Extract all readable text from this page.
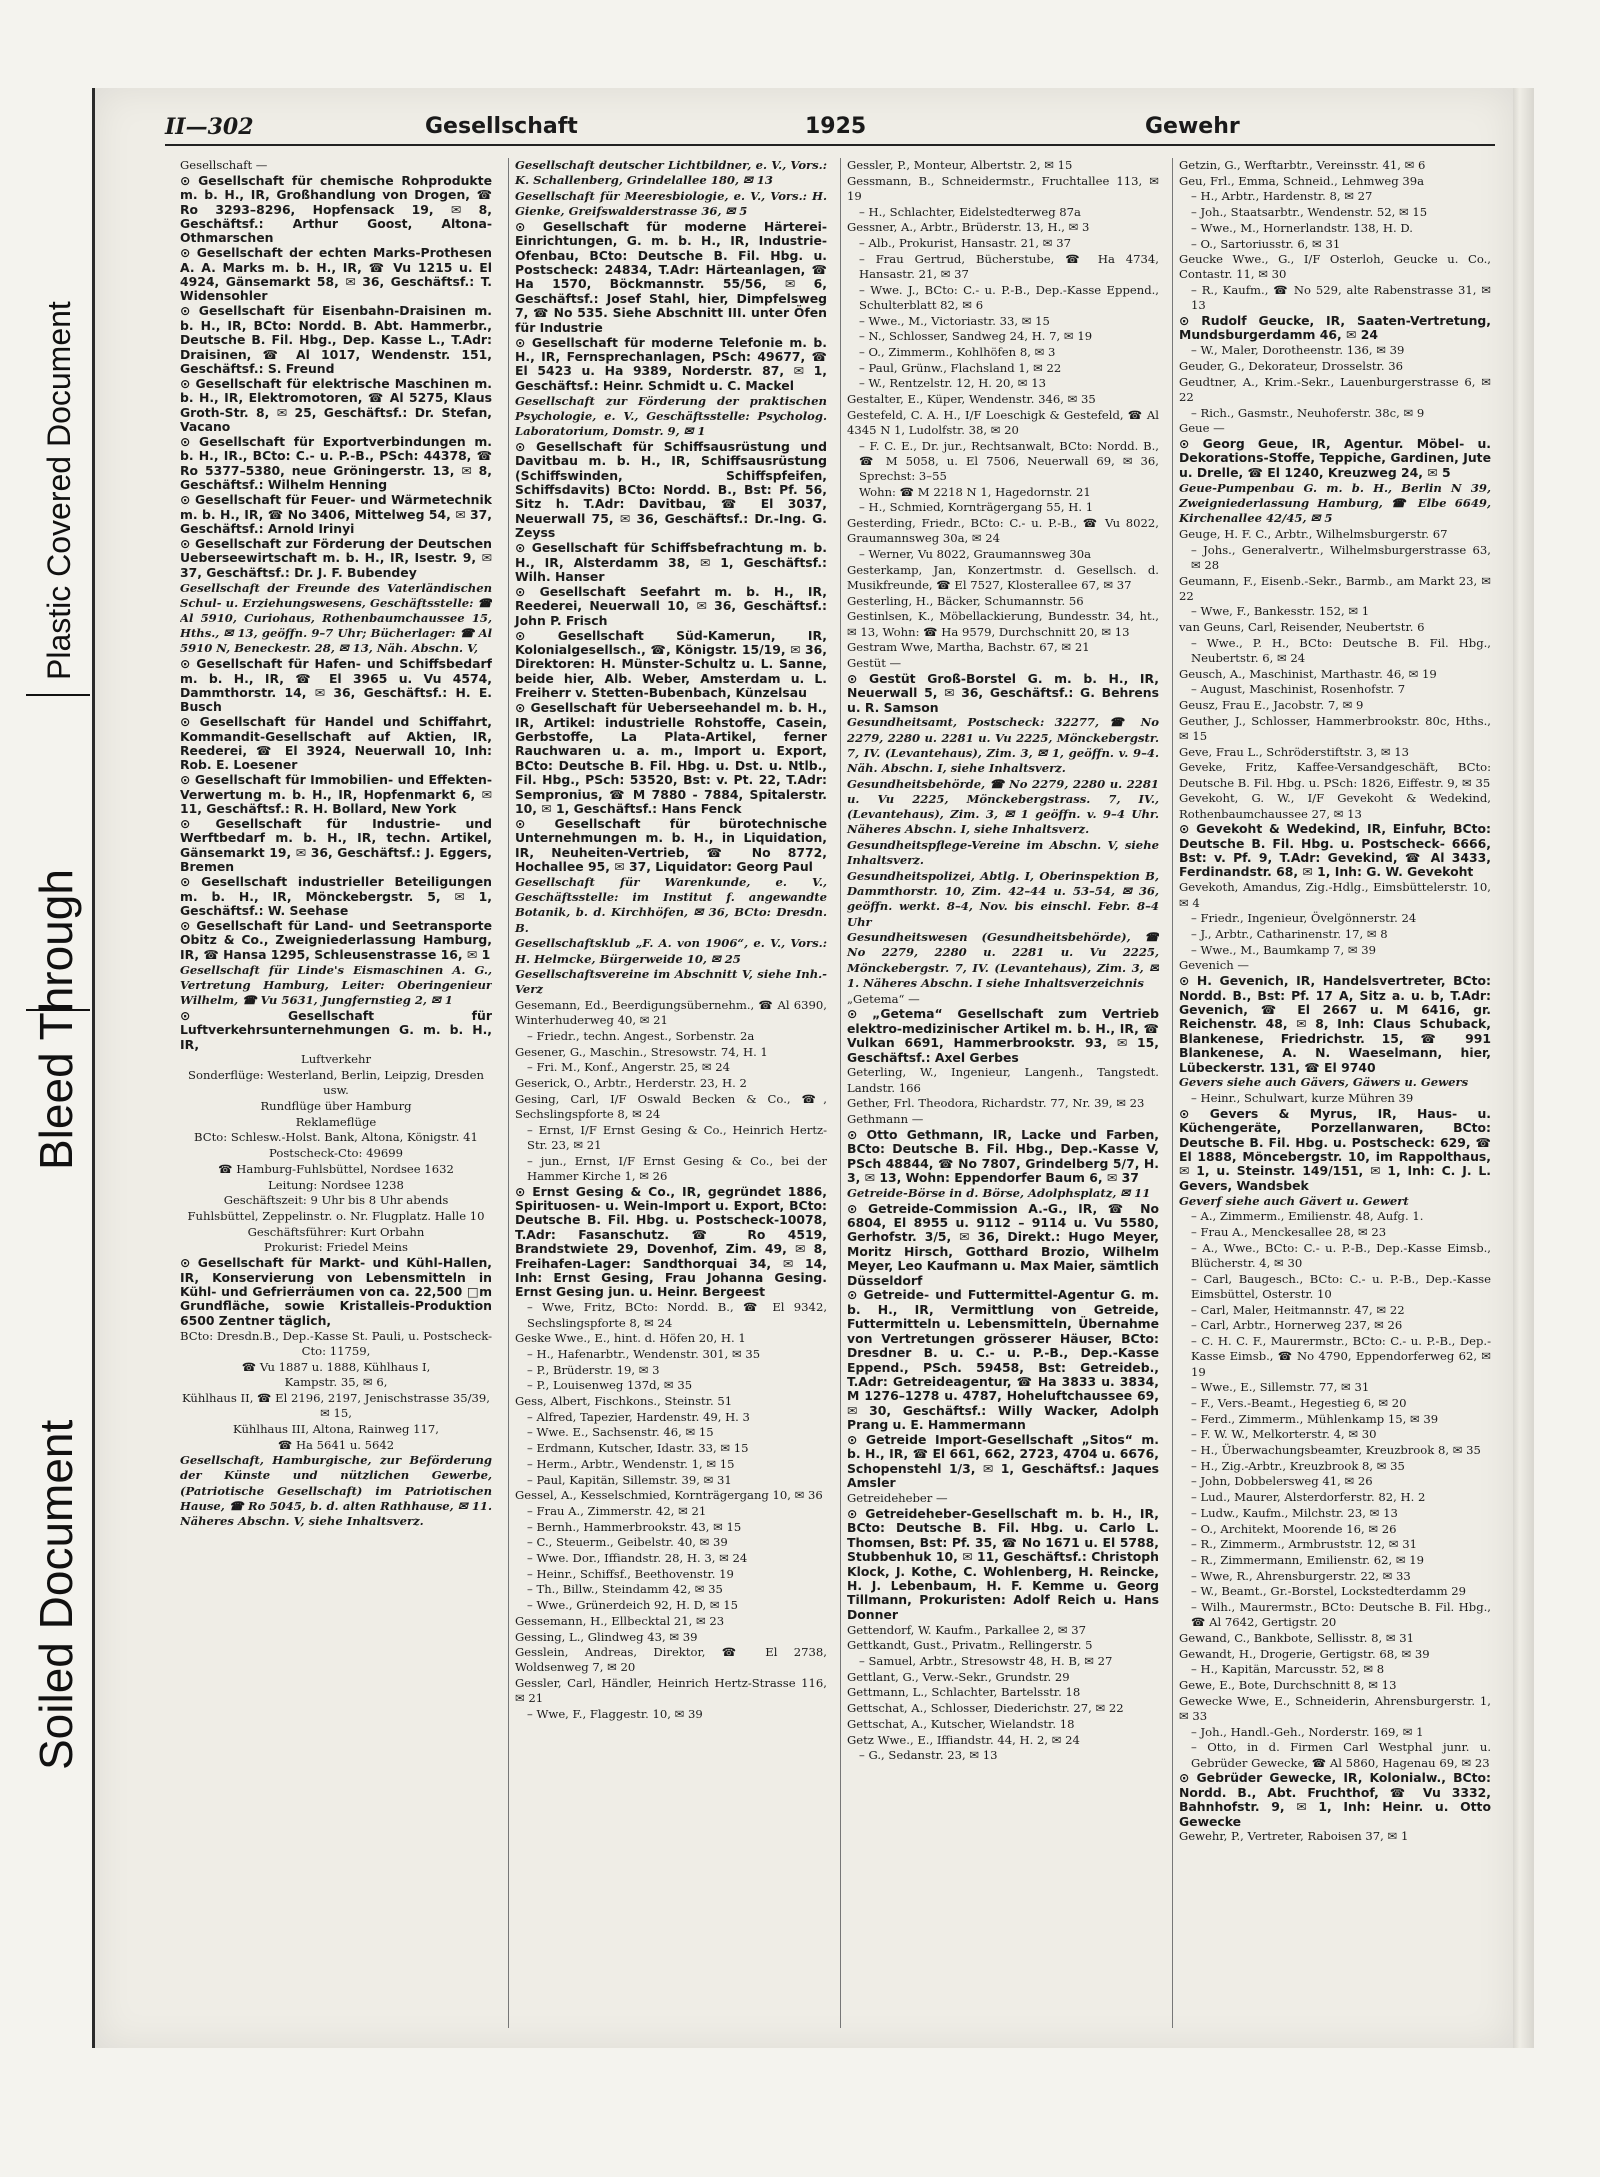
Soiled Document
Bleed Through
Plastic Covered Document
II—302	Gesellschaft	1925	Gewehr
Gesellschaft —
⊙ Gesellschaft für chemische Rohprodukte m. b. H., IR, Großhandlung von Drogen, ☎ Ro 3293–8296, Hopfensack 19, ✉ 8, Geschäftsf.: Arthur Goost, Altona-Othmarschen
⊙ Gesellschaft der echten Marks-Prothesen A. A. Marks m. b. H., IR, ☎ Vu 1215 u. El 4924, Gänsemarkt 58, ✉ 36, Geschäftsf.: T. Widensohler
⊙ Gesellschaft für Eisenbahn-Draisinen m. b. H., IR, BCto: Nordd. B. Abt. Hammerbr., Deutsche B. Fil. Hbg., Dep. Kasse L., T.Adr: Draisinen, ☎ Al 1017, Wendenstr. 151, Geschäftsf.: S. Freund
⊙ Gesellschaft für elektrische Maschinen m. b. H., IR, Elektromotoren, ☎ Al 5275, Klaus Groth-Str. 8, ✉ 25, Geschäftsf.: Dr. Stefan, Vacano
⊙ Gesellschaft für Exportverbindungen m. b. H., IR., BCto: C.- u. P.-B., PSch: 44378, ☎ Ro 5377–5380, neue Gröningerstr. 13, ✉ 8, Geschäftsf.: Wilhelm Henning
⊙ Gesellschaft für Feuer- und Wärmetechnik m. b. H., IR, ☎ No 3406, Mittelweg 54, ✉ 37, Geschäftsf.: Arnold Irinyi
⊙ Gesellschaft zur Förderung der Deutschen Ueberseewirtschaft m. b. H., IR, Isestr. 9, ✉ 37, Geschäftsf.: Dr. J. F. Bubendey
Gesellschaft der Freunde des Vaterländischen Schul- u. Erziehungswesens, Geschäftsstelle: ☎ Al 5910, Curiohaus, Rothenbaumchaussee 15, Hths., ✉ 13, geöffn. 9–7 Uhr; Bücherlager: ☎ Al 5910 N, Beneckestr. 28, ✉ 13, Näh. Abschn. V,
⊙ Gesellschaft für Hafen- und Schiffsbedarf m. b. H., IR, ☎ El 3965 u. Vu 4574, Dammthorstr. 14, ✉ 36, Geschäftsf.: H. E. Busch
⊙ Gesellschaft für Handel und Schiffahrt, Kommandit-Gesellschaft auf Aktien, IR, Reederei, ☎ El 3924, Neuerwall 10, Inh: Rob. E. Loesener
⊙ Gesellschaft für Immobilien- und Effekten-Verwertung m. b. H., IR, Hopfenmarkt 6, ✉ 11, Geschäftsf.: R. H. Bollard, New York
⊙ Gesellschaft für Industrie- und Werftbedarf m. b. H., IR, techn. Artikel, Gänsemarkt 19, ✉ 36, Geschäftsf.: J. Eggers, Bremen
⊙ Gesellschaft industrieller Beteiligungen m. b. H., IR, Mönckebergstr. 5, ✉ 1, Geschäftsf.: W. Seehase
⊙ Gesellschaft für Land- und Seetransporte Obitz & Co., Zweigniederlassung Hamburg, IR, ☎ Hansa 1295, Schleusenstrasse 16, ✉ 1
Gesellschaft für Linde's Eismaschinen A. G., Vertretung Hamburg, Leiter: Oberingenieur Wilhelm, ☎ Vu 5631, Jungfernstieg 2, ✉ 1
⊙ Gesellschaft für Luftverkehrsunternehmungen G. m. b. H., IR,
Luftverkehr
Sonderflüge: Westerland, Berlin, Leipzig, Dresden usw.
Rundflüge über Hamburg
Reklameflüge
BCto: Schlesw.-Holst. Bank, Altona, Königstr. 41
Postscheck-Cto: 49699
☎ Hamburg-Fuhlsbüttel, Nordsee 1632
Leitung: Nordsee 1238
Geschäftszeit: 9 Uhr bis 8 Uhr abends
Fuhlsbüttel, Zeppelinstr. o. Nr. Flugplatz. Halle 10
Geschäftsführer: Kurt Orbahn
Prokurist: Friedel Meins
⊙ Gesellschaft für Markt- und Kühl-Hallen, IR, Konservierung von Lebensmitteln in Kühl- und Gefrierräumen von ca. 22,500 □m Grundfläche, sowie Kristalleis-Produktion 6500 Zentner täglich,
BCto: Dresdn.B., Dep.-Kasse St. Pauli, u. Postscheck-Cto: 11759,
☎ Vu 1887 u. 1888, Kühlhaus I,
Kampstr. 35, ✉ 6,
Kühlhaus II, ☎ El 2196, 2197, Jenischstrasse 35/39, ✉ 15,
Kühlhaus III, Altona, Rainweg 117,
☎ Ha 5641 u. 5642
Gesellschaft, Hamburgische, zur Beförderung der Künste und nützlichen Gewerbe, (Patriotische Gesellschaft) im Patriotischen Hause, ☎ Ro 5045, b. d. alten Rathhause, ✉ 11. Näheres Abschn. V, siehe Inhaltsverz.
Gesellschaft deutscher Lichtbildner, e. V., Vors.: K. Schallenberg, Grindelallee 180, ✉ 13
Gesellschaft für Meeresbiologie, e. V., Vors.: H. Gienke, Greifswalderstrasse 36, ✉ 5
⊙ Gesellschaft für moderne Härterei-Einrichtungen, G. m. b. H., IR, Industrie-Ofenbau, BCto: Deutsche B. Fil. Hbg. u. Postscheck: 24834, T.Adr: Härteanlagen, ☎ Ha 1570, Böckmannstr. 55/56, ✉ 6, Geschäftsf.: Josef Stahl, hier, Dimpfelsweg 7, ☎ No 535. Siehe Abschnitt III. unter Öfen für Industrie
⊙ Gesellschaft für moderne Telefonie m. b. H., IR, Fernsprechanlagen, PSch: 49677, ☎ El 5423 u. Ha 9389, Norderstr. 87, ✉ 1, Geschäftsf.: Heinr. Schmidt u. C. Mackel
Gesellschaft zur Förderung der praktischen Psychologie, e. V., Geschäftsstelle: Psycholog. Laboratorium, Domstr. 9, ✉ 1
⊙ Gesellschaft für Schiffsausrüstung und Davitbau m. b. H., IR, Schiffsausrüstung (Schiffswinden, Schiffspfeifen, Schiffsdavits) BCto: Nordd. B., Bst: Pf. 56, Sitz h. T.Adr: Davitbau, ☎ El 3037, Neuerwall 75, ✉ 36, Geschäftsf.: Dr.-Ing. G. Zeyss
⊙ Gesellschaft für Schiffsbefrachtung m. b. H., IR, Alsterdamm 38, ✉ 1, Geschäftsf.: Wilh. Hanser
⊙ Gesellschaft Seefahrt m. b. H., IR, Reederei, Neuerwall 10, ✉ 36, Geschäftsf.: John P. Frisch
⊙ Gesellschaft Süd-Kamerun, IR, Kolonialgesellsch., ☎, Königstr. 15/19, ✉ 36, Direktoren: H. Münster-Schultz u. L. Sanne, beide hier, Alb. Weber, Amsterdam u. L. Freiherr v. Stetten-Bubenbach, Künzelsau
⊙ Gesellschaft für Ueberseehandel m. b. H., IR, Artikel: industrielle Rohstoffe, Casein, Gerbstoffe, La Plata-Artikel, ferner Rauchwaren u. a. m., Import u. Export, BCto: Deutsche B. Fil. Hbg. u. Dst. u. Ntlb., Fil. Hbg., PSch: 53520, Bst: v. Pt. 22, T.Adr: Sempronius, ☎ M 7880 - 7884, Spitalerstr. 10, ✉ 1, Geschäftsf.: Hans Fenck
⊙ Gesellschaft für bürotechnische Unternehmungen m. b. H., in Liquidation, IR, Neuheiten-Vertrieb, ☎ No 8772, Hochallee 95, ✉ 37, Liquidator: Georg Paul
Gesellschaft für Warenkunde, e. V., Geschäftsstelle: im Institut f. angewandte Botanik, b. d. Kirchhöfen, ✉ 36, BCto: Dresdn. B.
Gesellschaftsklub „F. A. von 1906“, e. V., Vors.: H. Helmcke, Bürgerweide 10, ✉ 25
Gesellschaftsvereine im Abschnitt V, siehe Inh.-Verz
Gesemann, Ed., Beerdigungsübernehm., ☎ Al 6390, Winterhuderweg 40, ✉ 21
– Friedr., techn. Angest., Sorbenstr. 2a
Gesener, G., Maschin., Stresowstr. 74, H. 1
– Fri. M., Konf., Angerstr. 25, ✉ 24
Geserick, O., Arbtr., Herderstr. 23, H. 2
Gesing, Carl, I/F Oswald Becken & Co., ☎, Sechslingspforte 8, ✉ 24
– Ernst, I/F Ernst Gesing & Co., Heinrich Hertz-Str. 23, ✉ 21
– jun., Ernst, I/F Ernst Gesing & Co., bei der Hammer Kirche 1, ✉ 26
⊙ Ernst Gesing & Co., IR, gegründet 1886, Spirituosen- u. Wein-Import u. Export, BCto: Deutsche B. Fil. Hbg. u. Postscheck-10078, T.Adr: Fasanschutz. ☎ Ro 4519, Brandstwiete 29, Dovenhof, Zim. 49, ✉ 8, Freihafen-Lager: Sandthorquai 34, ✉ 14, Inh: Ernst Gesing, Frau Johanna Gesing. Ernst Gesing jun. u. Heinr. Bergeest
– Wwe, Fritz, BCto: Nordd. B., ☎ El 9342, Sechslingspforte 8, ✉ 24
Geske Wwe., E., hint. d. Höfen 20, H. 1
– H., Hafenarbtr., Wendenstr. 301, ✉ 35
– P., Brüderstr. 19, ✉ 3
– P., Louisenweg 137d, ✉ 35
Gess, Albert, Fischkons., Steinstr. 51
– Alfred, Tapezier, Hardenstr. 49, H. 3
– Wwe. E., Sachsenstr. 46, ✉ 15
– Erdmann, Kutscher, Idastr. 33, ✉ 15
– Herm., Arbtr., Wendenstr. 1, ✉ 15
– Paul, Kapitän, Sillemstr. 39, ✉ 31
Gessel, A., Kesselschmied, Kornträgergang 10, ✉ 36
– Frau A., Zimmerstr. 42, ✉ 21
– Bernh., Hammerbrookstr. 43, ✉ 15
– C., Steuerm., Geibelstr. 40, ✉ 39
– Wwe. Dor., Iffiandstr. 28, H. 3, ✉ 24
– Heinr., Schiffsf., Beethovenstr. 19
– Th., Billw., Steindamm 42, ✉ 35
– Wwe., Grünerdeich 92, H. D, ✉ 15
Gessemann, H., Ellbecktal 21, ✉ 23
Gessing, L., Glindweg 43, ✉ 39
Gesslein, Andreas, Direktor, ☎ El 2738, Woldsenweg 7, ✉ 20
Gessler, Carl, Händler, Heinrich Hertz-Strasse 116, ✉ 21
– Wwe, F., Flaggestr. 10, ✉ 39
Gessler, P., Monteur, Albertstr. 2, ✉ 15
Gessmann, B., Schneidermstr., Fruchtallee 113, ✉ 19
– H., Schlachter, Eidelstedterweg 87a
Gessner, A., Arbtr., Brüderstr. 13, H., ✉ 3
– Alb., Prokurist, Hansastr. 21, ✉ 37
– Frau Gertrud, Bücherstube, ☎ Ha 4734, Hansastr. 21, ✉ 37
– Wwe. J., BCto: C.- u. P.-B., Dep.-Kasse Eppend., Schulterblatt 82, ✉ 6
– Wwe., M., Victoriastr. 33, ✉ 15
– N., Schlosser, Sandweg 24, H. 7, ✉ 19
– O., Zimmerm., Kohlhöfen 8, ✉ 3
– Paul, Grünw., Flachsland 1, ✉ 22
– W., Rentzelstr. 12, H. 20, ✉ 13
Gestalter, E., Küper, Wendenstr. 346, ✉ 35
Gestefeld, C. A. H., I/F Loeschigk & Gestefeld, ☎ Al 4345 N 1, Ludolfstr. 38, ✉ 20
– F. C. E., Dr. jur., Rechtsanwalt, BCto: Nordd. B., ☎ M 5058, u. El 7506, Neuerwall 69, ✉ 36, Sprechst: 3–55
Wohn: ☎ M 2218 N 1, Hagedornstr. 21
– H., Schmied, Kornträgergang 55, H. 1
Gesterding, Friedr., BCto: C.- u. P.-B., ☎ Vu 8022, Graumannsweg 30a, ✉ 24
– Werner, Vu 8022, Graumannsweg 30a
Gesterkamp, Jan, Konzertmstr. d. Gesellsch. d. Musikfreunde, ☎ El 7527, Klosterallee 67, ✉ 37
Gesterling, H., Bäcker, Schumannstr. 56
Gestinlsen, K., Möbellackierung, Bundesstr. 34, ht., ✉ 13, Wohn: ☎ Ha 9579, Durchschnitt 20, ✉ 13
Gestram Wwe, Martha, Bachstr. 67, ✉ 21
Gestüt —
⊙ Gestüt Groß-Borstel G. m. b. H., IR, Neuerwall 5, ✉ 36, Geschäftsf.: G. Behrens u. R. Samson
Gesundheitsamt, Postscheck: 32277, ☎ No 2279, 2280 u. 2281 u. Vu 2225, Mönckebergstr. 7, IV. (Levantehaus), Zim. 3, ✉ 1, geöffn. v. 9–4. Näh. Abschn. I, siehe Inhaltsverz.
Gesundheitsbehörde, ☎ No 2279, 2280 u. 2281 u. Vu 2225, Mönckebergstrass. 7, IV., (Levantehaus), Zim. 3, ✉ 1 geöffn. v. 9–4 Uhr. Näheres Abschn. I, siehe Inhaltsverz.
Gesundheitspflege-Vereine im Abschn. V, siehe Inhaltsverz.
Gesundheitspolizei, Abtlg. I, Oberinspektion B, Dammthorstr. 10, Zim. 42–44 u. 53–54, ✉ 36, geöffn. werkt. 8–4, Nov. bis einschl. Febr. 8–4 Uhr
Gesundheitswesen (Gesundheitsbehörde), ☎ No 2279, 2280 u. 2281 u. Vu 2225, Mönckebergstr. 7, IV. (Levantehaus), Zim. 3, ✉ 1. Näheres Abschn. I siehe Inhaltsverzeichnis
„Getema“ —
⊙ „Getema“ Gesellschaft zum Vertrieb elektro-medizinischer Artikel m. b. H., IR, ☎ Vulkan 6691, Hammerbrookstr. 93, ✉ 15, Geschäftsf.: Axel Gerbes
Geterling, W., Ingenieur, Langenh., Tangstedt. Landstr. 166
Gether, Frl. Theodora, Richardstr. 77, Nr. 39, ✉ 23
Gethmann —
⊙ Otto Gethmann, IR, Lacke und Farben, BCto: Deutsche B. Fil. Hbg., Dep.-Kasse V, PSch 48844, ☎ No 7807, Grindelberg 5/7, H. 3, ✉ 13, Wohn: Eppendorfer Baum 6, ✉ 37
Getreide-Börse in d. Börse, Adolphsplatz, ✉ 11
⊙ Getreide-Commission A.-G., IR, ☎ No 6804, El 8955 u. 9112 – 9114 u. Vu 5580, Gerhofstr. 3/5, ✉ 36, Direkt.: Hugo Meyer, Moritz Hirsch, Gotthard Brozio, Wilhelm Meyer, Leo Kaufmann u. Max Maier, sämtlich Düsseldorf
⊙ Getreide- und Futtermittel-Agentur G. m. b. H., IR, Vermittlung von Getreide, Futtermitteln u. Lebensmitteln, Übernahme von Vertretungen grösserer Häuser, BCto: Dresdner B. u. C.- u. P.-B., Dep.-Kasse Eppend., PSch. 59458, Bst: Getreideb., T.Adr: Getreideagentur, ☎ Ha 3833 u. 3834, M 1276–1278 u. 4787, Hoheluftchaussee 69, ✉ 30, Geschäftsf.: Willy Wacker, Adolph Prang u. E. Hammermann
⊙ Getreide Import-Gesellschaft „Sitos“ m. b. H., IR, ☎ El 661, 662, 2723, 4704 u. 6676, Schopenstehl 1/3, ✉ 1, Geschäftsf.: Jaques Amsler
Getreideheber —
⊙ Getreideheber-Gesellschaft m. b. H., IR, BCto: Deutsche B. Fil. Hbg. u. Carlo L. Thomsen, Bst: Pf. 35, ☎ No 1671 u. El 5788, Stubbenhuk 10, ✉ 11, Geschäftsf.: Christoph Klock, J. Kothe, C. Wohlenberg, H. Reincke, H. J. Lebenbaum, H. F. Kemme u. Georg Tillmann, Prokuristen: Adolf Reich u. Hans Donner
Gettendorf, W. Kaufm., Parkallee 2, ✉ 37
Gettkandt, Gust., Privatm., Rellingerstr. 5
– Samuel, Arbtr., Stresowstr 48, H. B, ✉ 27
Gettlant, G., Verw.-Sekr., Grundstr. 29
Gettmann, L., Schlachter, Bartelsstr. 18
Gettschat, A., Schlosser, Diederichstr. 27, ✉ 22
Gettschat, A., Kutscher, Wielandstr. 18
Getz Wwe., E., Iffiandstr. 44, H. 2, ✉ 24
– G., Sedanstr. 23, ✉ 13
Getzin, G., Werftarbtr., Vereinsstr. 41, ✉ 6
Geu, Frl., Emma, Schneid., Lehmweg 39a
– H., Arbtr., Hardenstr. 8, ✉ 27
– Joh., Staatsarbtr., Wendenstr. 52, ✉ 15
– Wwe., M., Hornerlandstr. 138, H. D.
– O., Sartoriusstr. 6, ✉ 31
Geucke Wwe., G., I/F Osterloh, Geucke u. Co., Contastr. 11, ✉ 30
– R., Kaufm., ☎ No 529, alte Rabenstrasse 31, ✉ 13
⊙ Rudolf Geucke, IR, Saaten-Vertretung, Mundsburgerdamm 46, ✉ 24
– W., Maler, Dorotheenstr. 136, ✉ 39
Geuder, G., Dekorateur, Drosselstr. 36
Geudtner, A., Krim.-Sekr., Lauenburgerstrasse 6, ✉ 22
– Rich., Gasmstr., Neuhoferstr. 38c, ✉ 9
Geue —
⊙ Georg Geue, IR, Agentur. Möbel- u. Dekorations-Stoffe, Teppiche, Gardinen, Jute u. Drelle, ☎ El 1240, Kreuzweg 24, ✉ 5
Geue-Pumpenbau G. m. b. H., Berlin N 39, Zweigniederlassung Hamburg, ☎ Elbe 6649, Kirchenallee 42/45, ✉ 5
Geuge, H. F. C., Arbtr., Wilhelmsburgerstr. 67
– Johs., Generalvertr., Wilhelmsburgerstrasse 63, ✉ 28
Geumann, F., Eisenb.-Sekr., Barmb., am Markt 23, ✉ 22
– Wwe, F., Bankesstr. 152, ✉ 1
van Geuns, Carl, Reisender, Neubertstr. 6
– Wwe., P. H., BCto: Deutsche B. Fil. Hbg., Neubertstr. 6, ✉ 24
Geusch, A., Maschinist, Marthastr. 46, ✉ 19
– August, Maschinist, Rosenhofstr. 7
Geusz, Frau E., Jacobstr. 7, ✉ 9
Geuther, J., Schlosser, Hammerbrookstr. 80c, Hths., ✉ 15
Geve, Frau L., Schröderstiftstr. 3, ✉ 13
Geveke, Fritz, Kaffee-Versandgeschäft, BCto: Deutsche B. Fil. Hbg. u. PSch: 1826, Eiffestr. 9, ✉ 35
Gevekoht, G. W., I/F Gevekoht & Wedekind, Rothenbaumchaussee 27, ✉ 13
⊙ Gevekoht & Wedekind, IR, Einfuhr, BCto: Deutsche B. Fil. Hbg. u. Postscheck- 6666, Bst: v. Pf. 9, T.Adr: Gevekind, ☎ Al 3433, Ferdinandstr. 68, ✉ 1, Inh: G. W. Gevekoht
Gevekoth, Amandus, Zig.-Hdlg., Eimsbüttelerstr. 10, ✉ 4
– Friedr., Ingenieur, Övelgönnerstr. 24
– J., Arbtr., Catharinenstr. 17, ✉ 8
– Wwe., M., Baumkamp 7, ✉ 39
Gevenich —
⊙ H. Gevenich, IR, Handelsvertreter, BCto: Nordd. B., Bst: Pf. 17 A, Sitz a. u. b, T.Adr: Gevenich, ☎ El 2667 u. M 6416, gr. Reichenstr. 48, ✉ 8, Inh: Claus Schuback, Blankenese, Friedrichstr. 15, ☎ 991 Blankenese, A. N. Waeselmann, hier, Lübeckerstr. 131, ☎ El 9740
Gevers siehe auch Gävers, Gäwers u. Gewers
– Heinr., Schulwart, kurze Mühren 39
⊙ Gevers & Myrus, IR, Haus- u. Küchengeräte, Porzellanwaren, BCto: Deutsche B. Fil. Hbg. u. Postscheck: 629, ☎ El 1888, Möncebergstr. 10, im Rappolthaus, ✉ 1, u. Steinstr. 149/151, ✉ 1, Inh: C. J. L. Gevers, Wandsbek
Geverf siehe auch Gävert u. Gewert
– A., Zimmerm., Emilienstr. 48, Aufg. 1.
– Frau A., Menckesallee 28, ✉ 23
– A., Wwe., BCto: C.- u. P.-B., Dep.-Kasse Eimsb., Blücherstr. 4, ✉ 30
– Carl, Baugesch., BCto: C.- u. P.-B., Dep.-Kasse Eimsbüttel, Osterstr. 10
– Carl, Maler, Heitmannstr. 47, ✉ 22
– Carl, Arbtr., Hornerweg 237, ✉ 26
– C. H. C. F., Maurermstr., BCto: C.- u. P.-B., Dep.-Kasse Eimsb., ☎ No 4790, Eppendorferweg 62, ✉ 19
– Wwe., E., Sillemstr. 77, ✉ 31
– F., Vers.-Beamt., Hegestieg 6, ✉ 20
– Ferd., Zimmerm., Mühlenkamp 15, ✉ 39
– F. W. W., Melkorterstr. 4, ✉ 30
– H., Überwachungsbeamter, Kreuzbrook 8, ✉ 35
– H., Zig.-Arbtr., Kreuzbrook 8, ✉ 35
– John, Dobbelersweg 41, ✉ 26
– Lud., Maurer, Alsterdorferstr. 82, H. 2
– Ludw., Kaufm., Milchstr. 23, ✉ 13
– O., Architekt, Moorende 16, ✉ 26
– R., Zimmerm., Armbruststr. 12, ✉ 31
– R., Zimmermann, Emilienstr. 62, ✉ 19
– Wwe, R., Ahrensburgerstr. 22, ✉ 33
– W., Beamt., Gr.-Borstel, Lockstedterdamm 29
– Wilh., Maurermstr., BCto: Deutsche B. Fil. Hbg., ☎ Al 7642, Gertigstr. 20
Gewand, C., Bankbote, Sellisstr. 8, ✉ 31
Gewandt, H., Drogerie, Gertigstr. 68, ✉ 39
– H., Kapitän, Marcusstr. 52, ✉ 8
Gewe, E., Bote, Durchschnitt 8, ✉ 13
Gewecke Wwe, E., Schneiderin, Ahrensburgerstr. 1, ✉ 33
– Joh., Handl.-Geh., Norderstr. 169, ✉ 1
– Otto, in d. Firmen Carl Westphal junr. u. Gebrüder Gewecke, ☎ Al 5860, Hagenau 69, ✉ 23
⊙ Gebrüder Gewecke, IR, Kolonialw., BCto: Nordd. B., Abt. Fruchthof, ☎ Vu 3332, Bahnhofstr. 9, ✉ 1, Inh: Heinr. u. Otto Gewecke
Gewehr, P., Vertreter, Raboisen 37, ✉ 1
